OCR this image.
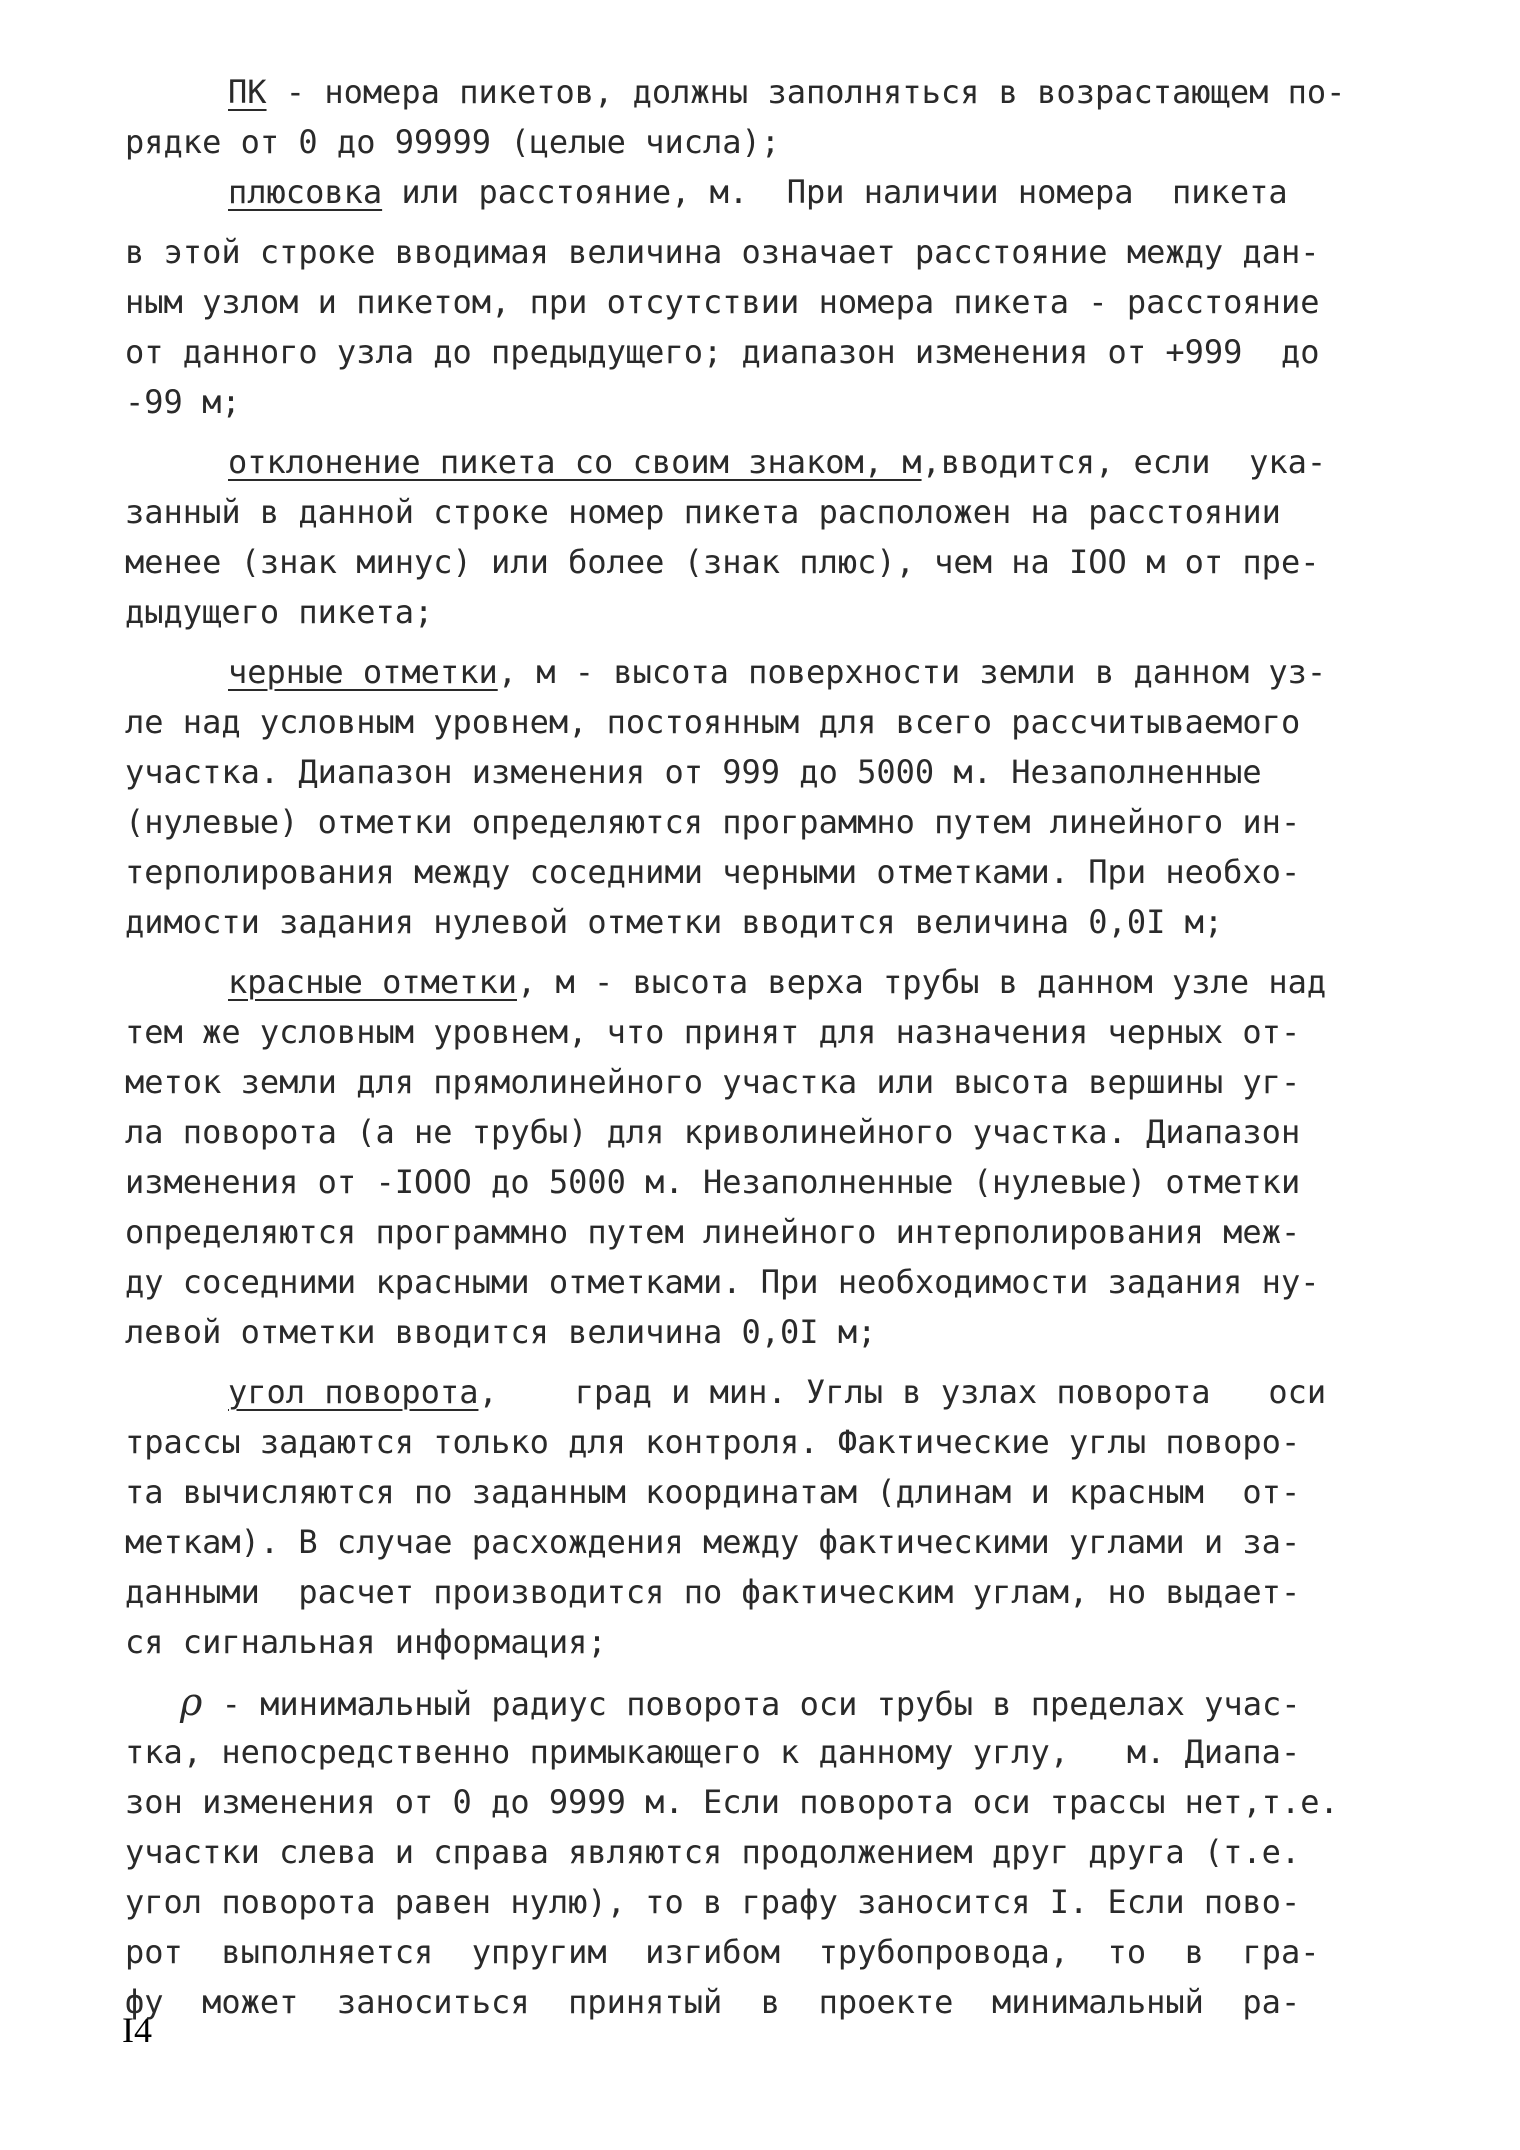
ПК - номера пикетов, должны заполняться в возрастающем по-
рядке от 0 до 99999 (целые числа);
плюсовка или расстояние, м.  При наличии номера  пикета
в этой строке вводимая величина означает расстояние между дан-
ным узлом и пикетом, при отсутствии номера пикета - расстояние
от данного узла до предыдущего; диапазон изменения от +999  до
-99 м;
отклонение пикета со своим знаком, м,вводится, если  ука-
занный в данной строке номер пикета расположен на расстоянии
менее (знак минус) или более (знак плюс), чем на IOO м от пре-
дыдущего пикета;
черные отметки, м - высота поверхности земли в данном уз-
ле над условным уровнем, постоянным для всего рассчитываемого
участка. Диапазон изменения от 999 до 5000 м. Незаполненные
(нулевые) отметки определяются программно путем линейного ин-
терполирования между соседними черными отметками. При необхо-
димости задания нулевой отметки вводится величина 0,0I м;
красные отметки, м - высота верха трубы в данном узле над
тем же условным уровнем, что принят для назначения черных от-
меток земли для прямолинейного участка или высота вершины уг-
ла поворота (а не трубы) для криволинейного участка. Диапазон
изменения от -IOOO до 5000 м. Незаполненные (нулевые) отметки
определяются программно путем линейного интерполирования меж-
ду соседними красными отметками. При необходимости задания ну-
левой отметки вводится величина 0,0I м;
угол поворота,    град и мин. Углы в узлах поворота   оси
трассы задаются только для контроля. Фактические углы поворо-
та вычисляются по заданным координатам (длинам и красным  от-
меткам). В случае расхождения между фактическими углами и за-
данными  расчет производится по фактическим углам, но выдает-
ся сигнальная информация;
ρ - минимальный радиус поворота оси трубы в пределах учас-
тка, непосредственно примыкающего к данному углу,   м. Диапа-
зон изменения от 0 до 9999 м. Если поворота оси трассы нет,т.е.
участки слева и справа являются продолжением друг друга (т.е.
угол поворота равен нулю), то в графу заносится I. Если пово-
рот  выполняется  упругим  изгибом  трубопровода,  то  в  гра-
фу  может  заноситься  принятый  в  проекте  минимальный  ра-
I4
